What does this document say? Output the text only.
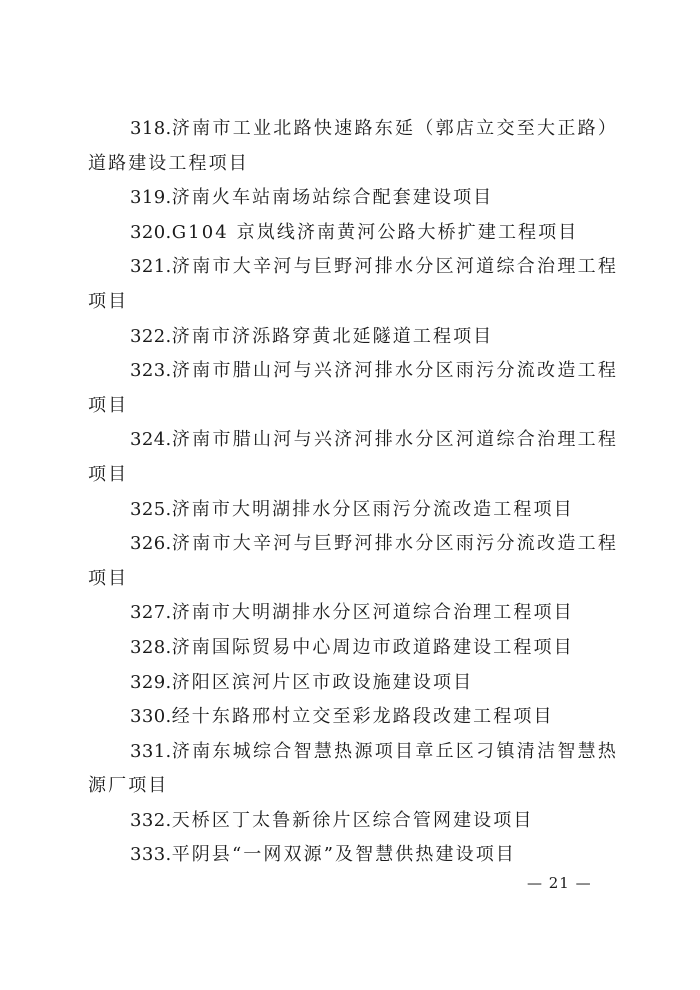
318.济南市工业北路快速路东延（郭店立交至大正路）道路建设工程项目

319.济南火车站南场站综合配套建设项目

320.G104 京岚线济南黄河公路大桥扩建工程项目

321.济南市大辛河与巨野河排水分区河道综合治理工程项目

322.济南市济泺路穿黄北延隧道工程项目

323.济南市腊山河与兴济河排水分区雨污分流改造工程项目

324.济南市腊山河与兴济河排水分区河道综合治理工程项目

325.济南市大明湖排水分区雨污分流改造工程项目

326.济南市大辛河与巨野河排水分区雨污分流改造工程项目

327.济南市大明湖排水分区河道综合治理工程项目

328.济南国际贸易中心周边市政道路建设工程项目

329.济阳区滨河片区市政设施建设项目

330.经十东路邢村立交至彩龙路段改建工程项目

331.济南东城综合智慧热源项目章丘区刁镇清洁智慧热源厂项目

332.天桥区丁太鲁新徐片区综合管网建设项目

333.平阴县“一网双源”及智慧供热建设项目

— 21 —
